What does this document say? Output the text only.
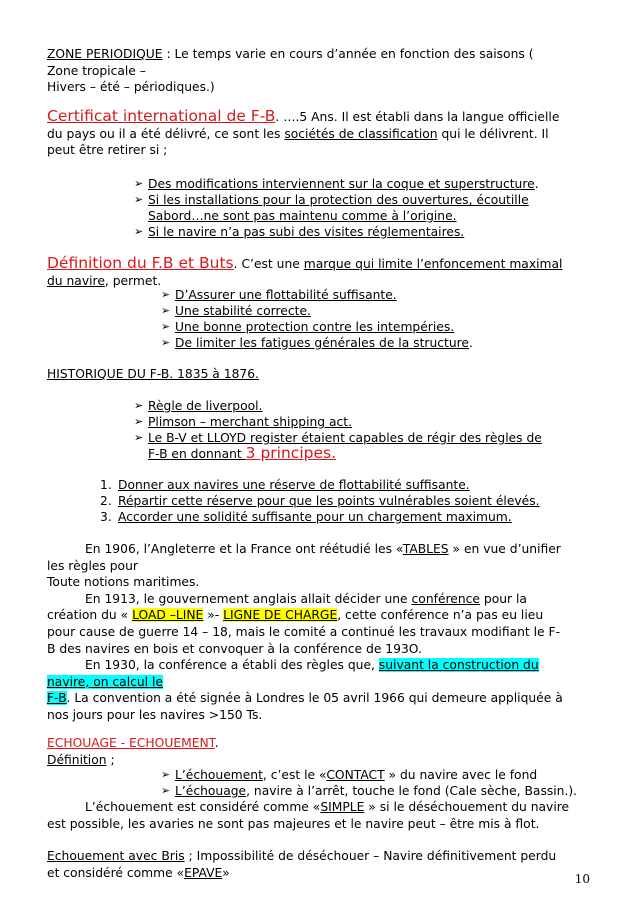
ZONE PERIODIQUE : Le temps varie en cours d’année en fonction des saisons (
Zone tropicale –
Hivers – été – périodiques.)
Certificat international de F-B. ….5 Ans. Il est établi dans la langue officielle
du pays ou il a été délivré, ce sont les sociétés de classification qui le délivrent. Il
peut être retirer si ;
➢ Des modifications interviennent sur la coque et superstructure.
➢ Si les installations pour la protection des ouvertures, écoutille
Sabord…ne sont pas maintenu comme à l’origine.
➢ Si le navire n’a pas subi des visites réglementaires.
Définition du F.B et Buts. C’est une marque qui limite l’enfoncement maximal
du navire, permet.
➢ D’Assurer une flottabilité suffisante.
➢ Une stabilité correcte.
➢ Une bonne protection contre les intempéries.
➢ De limiter les fatigues générales de la structure.
HISTORIQUE DU F-B. 1835 à 1876.
➢ Règle de liverpool.
➢ Plimson – merchant shipping act.
➢ Le B-V et LLOYD register étaient capables de régir des règles de
F-B en donnant 3 principes.
1. Donner aux navires une réserve de flottabilité suffisante.
2. Répartir cette réserve pour que les points vulnérables soient élevés.
3. Accorder une solidité suffisante pour un chargement maximum.
En 1906, l’Angleterre et la France ont réétudié les «TABLES » en vue d’unifier
les règles pour
Toute notions maritimes.
En 1913, le gouvernement anglais allait décider une conférence pour la
création du « LOAD –LINE »- LIGNE DE CHARGE, cette conférence n’a pas eu lieu
pour cause de guerre 14 – 18, mais le comité a continué les travaux modifiant le F-
B des navires en bois et convoquer à la conférence de 193O.
En 1930, la conférence a établi des règles que, suivant la construction du
navire, on calcul le
F-B. La convention a été signée à Londres le 05 avril 1966 qui demeure appliquée à
nos jours pour les navires >150 Ts.
ECHOUAGE - ECHOUEMENT.
Définition ;
➢ L’échouement, c’est le «CONTACT » du navire avec le fond
➢ L’échouage, navire à l’arrêt, touche le fond (Cale sèche, Bassin.).
L’échouement est considéré comme «SIMPLE » si le déséchouement du navire
est possible, les avaries ne sont pas majeures et le navire peut – être mis à flot.
Echouement avec Bris ; Impossibilité de déséchouer – Navire définitivement perdu
et considéré comme «EPAVE»	10
